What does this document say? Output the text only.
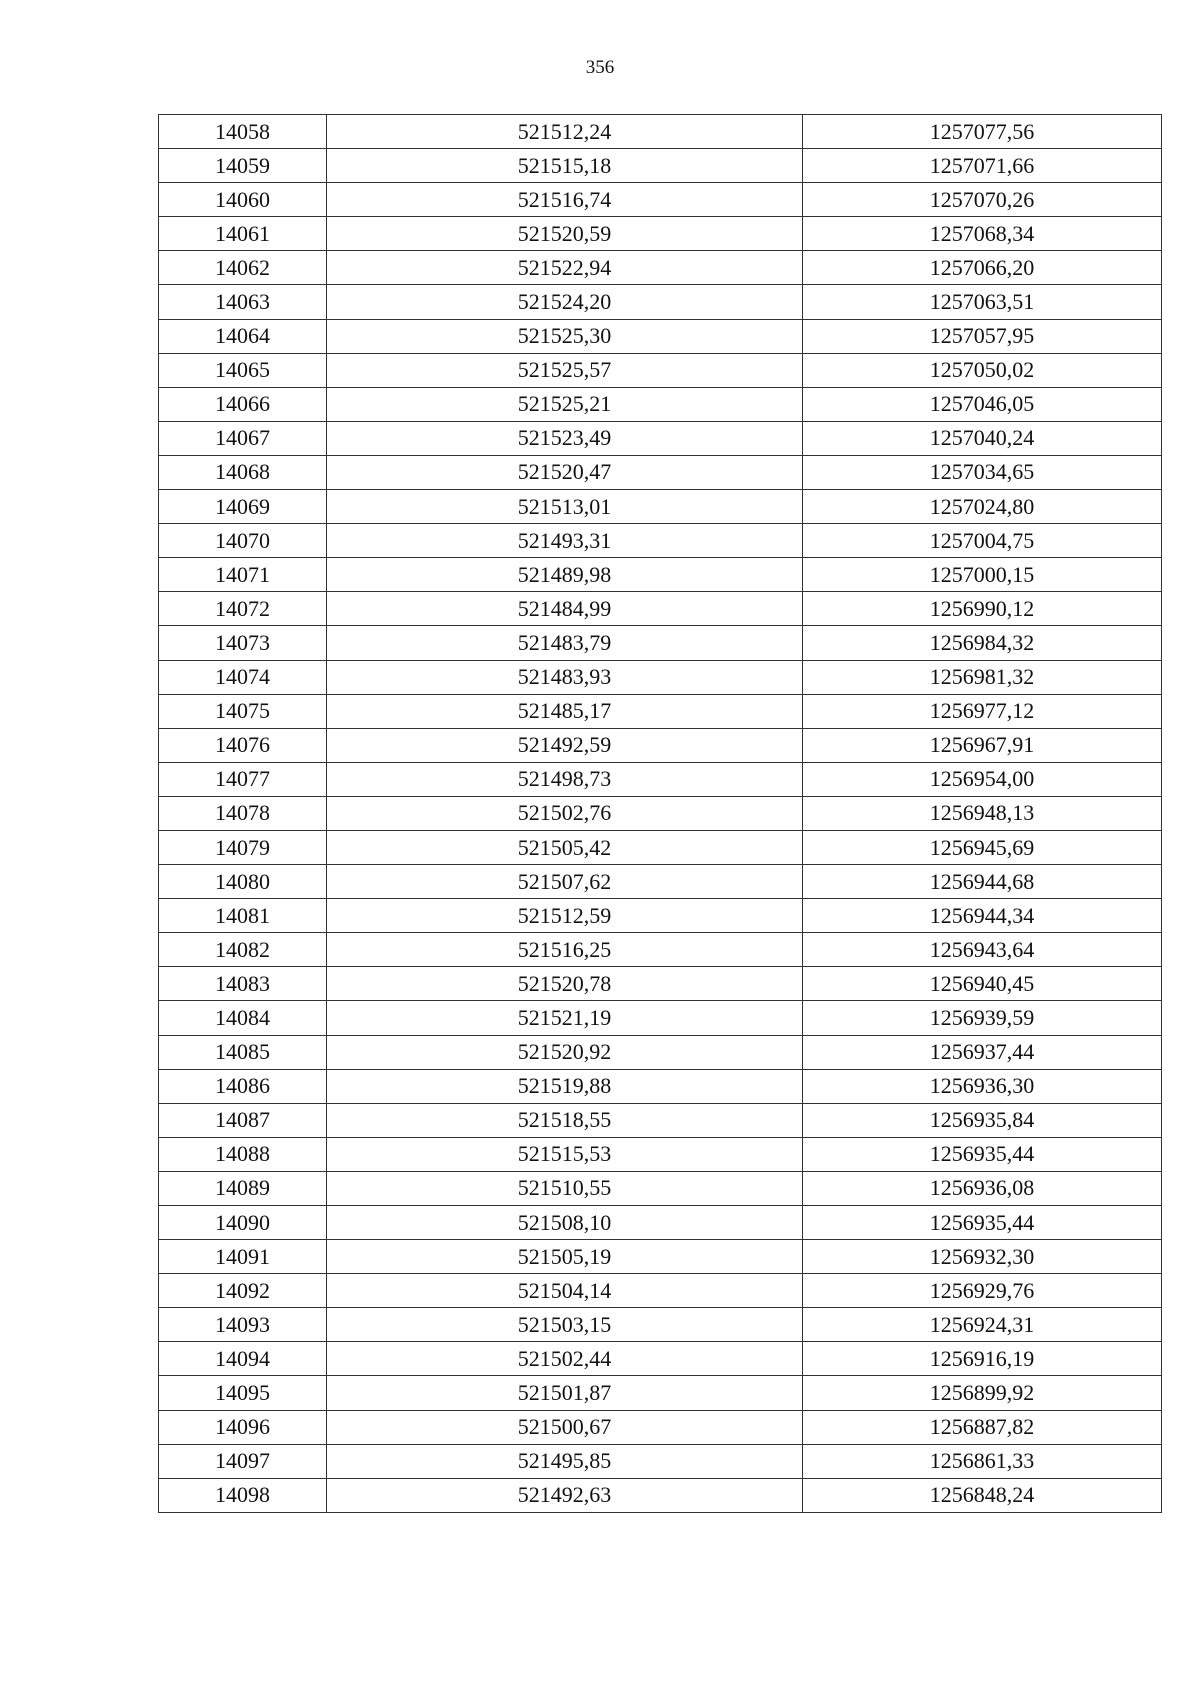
356
14058	521512,24	1257077,56
14059	521515,18	1257071,66
14060	521516,74	1257070,26
14061	521520,59	1257068,34
14062	521522,94	1257066,20
14063	521524,20	1257063,51
14064	521525,30	1257057,95
14065	521525,57	1257050,02
14066	521525,21	1257046,05
14067	521523,49	1257040,24
14068	521520,47	1257034,65
14069	521513,01	1257024,80
14070	521493,31	1257004,75
14071	521489,98	1257000,15
14072	521484,99	1256990,12
14073	521483,79	1256984,32
14074	521483,93	1256981,32
14075	521485,17	1256977,12
14076	521492,59	1256967,91
14077	521498,73	1256954,00
14078	521502,76	1256948,13
14079	521505,42	1256945,69
14080	521507,62	1256944,68
14081	521512,59	1256944,34
14082	521516,25	1256943,64
14083	521520,78	1256940,45
14084	521521,19	1256939,59
14085	521520,92	1256937,44
14086	521519,88	1256936,30
14087	521518,55	1256935,84
14088	521515,53	1256935,44
14089	521510,55	1256936,08
14090	521508,10	1256935,44
14091	521505,19	1256932,30
14092	521504,14	1256929,76
14093	521503,15	1256924,31
14094	521502,44	1256916,19
14095	521501,87	1256899,92
14096	521500,67	1256887,82
14097	521495,85	1256861,33
14098	521492,63	1256848,24
